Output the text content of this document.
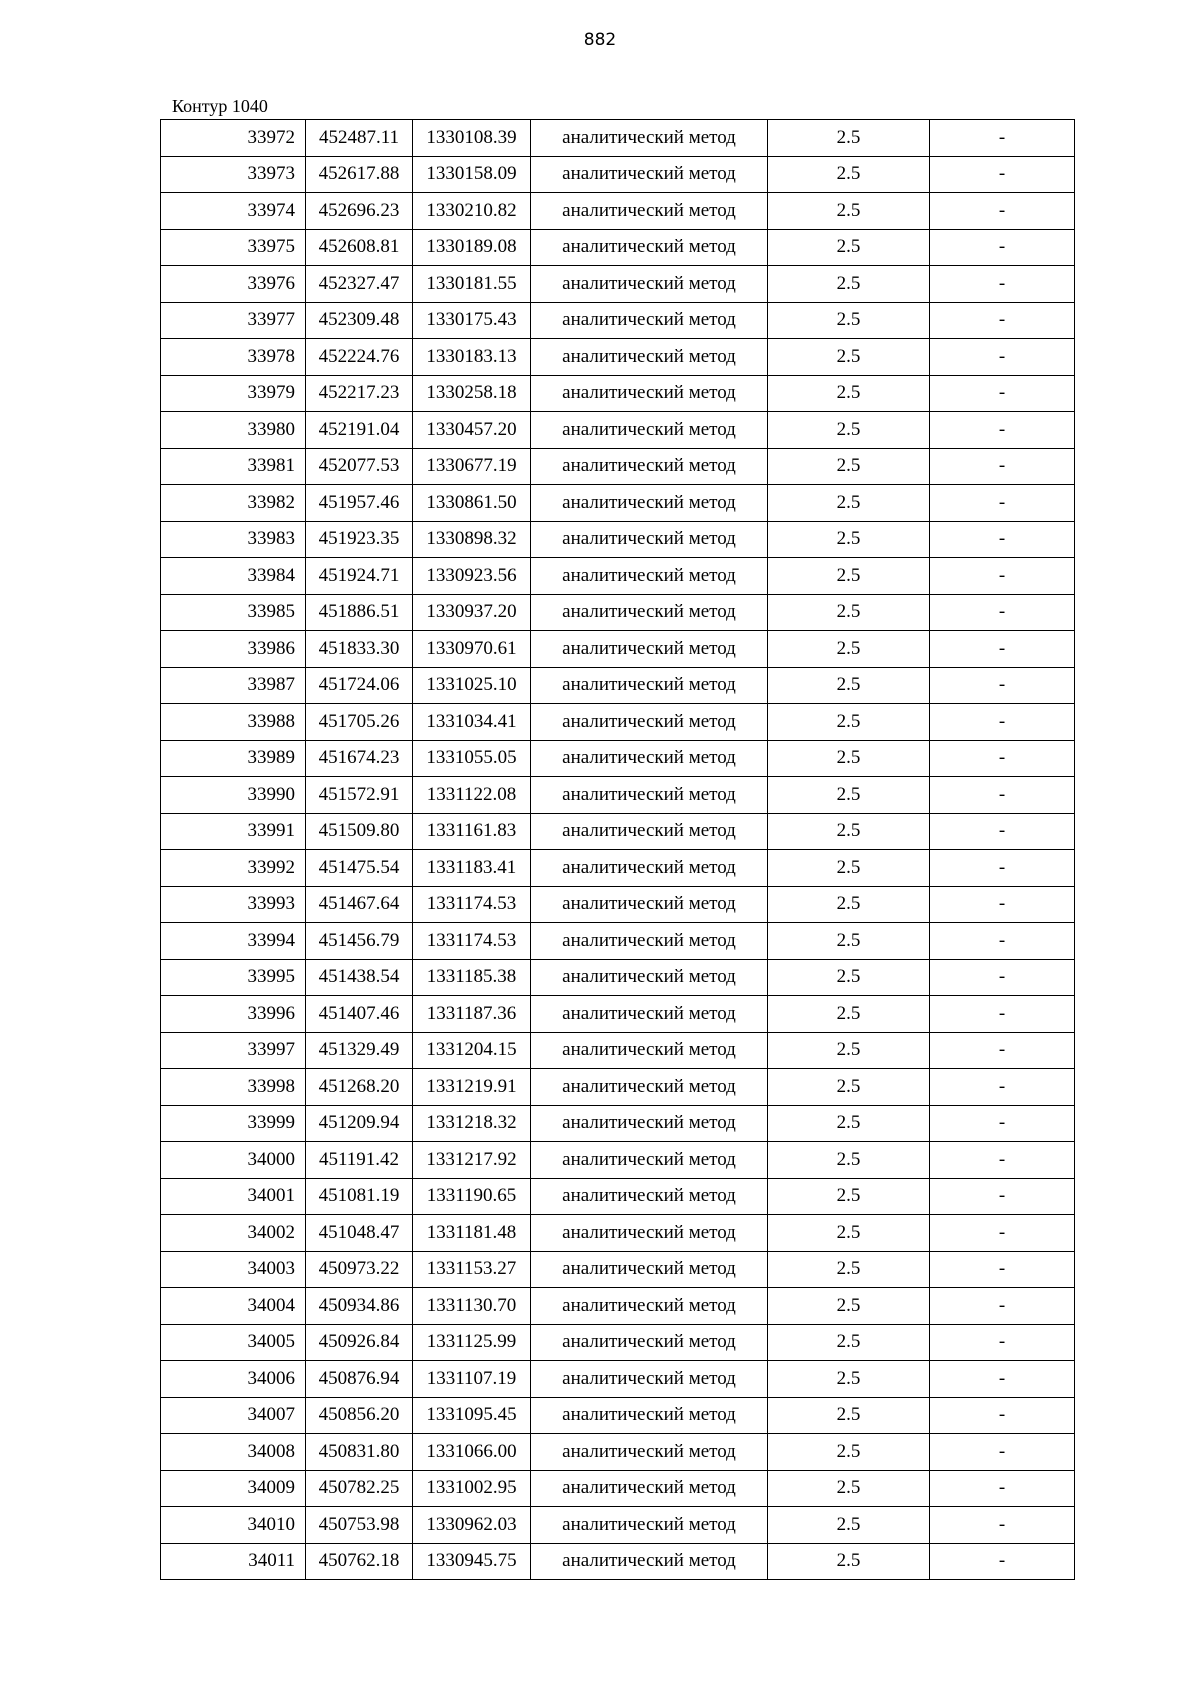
882
Контур 1040
33972	452487.11	1330108.39	аналитический метод	2.5	-
33973	452617.88	1330158.09	аналитический метод	2.5	-
33974	452696.23	1330210.82	аналитический метод	2.5	-
33975	452608.81	1330189.08	аналитический метод	2.5	-
33976	452327.47	1330181.55	аналитический метод	2.5	-
33977	452309.48	1330175.43	аналитический метод	2.5	-
33978	452224.76	1330183.13	аналитический метод	2.5	-
33979	452217.23	1330258.18	аналитический метод	2.5	-
33980	452191.04	1330457.20	аналитический метод	2.5	-
33981	452077.53	1330677.19	аналитический метод	2.5	-
33982	451957.46	1330861.50	аналитический метод	2.5	-
33983	451923.35	1330898.32	аналитический метод	2.5	-
33984	451924.71	1330923.56	аналитический метод	2.5	-
33985	451886.51	1330937.20	аналитический метод	2.5	-
33986	451833.30	1330970.61	аналитический метод	2.5	-
33987	451724.06	1331025.10	аналитический метод	2.5	-
33988	451705.26	1331034.41	аналитический метод	2.5	-
33989	451674.23	1331055.05	аналитический метод	2.5	-
33990	451572.91	1331122.08	аналитический метод	2.5	-
33991	451509.80	1331161.83	аналитический метод	2.5	-
33992	451475.54	1331183.41	аналитический метод	2.5	-
33993	451467.64	1331174.53	аналитический метод	2.5	-
33994	451456.79	1331174.53	аналитический метод	2.5	-
33995	451438.54	1331185.38	аналитический метод	2.5	-
33996	451407.46	1331187.36	аналитический метод	2.5	-
33997	451329.49	1331204.15	аналитический метод	2.5	-
33998	451268.20	1331219.91	аналитический метод	2.5	-
33999	451209.94	1331218.32	аналитический метод	2.5	-
34000	451191.42	1331217.92	аналитический метод	2.5	-
34001	451081.19	1331190.65	аналитический метод	2.5	-
34002	451048.47	1331181.48	аналитический метод	2.5	-
34003	450973.22	1331153.27	аналитический метод	2.5	-
34004	450934.86	1331130.70	аналитический метод	2.5	-
34005	450926.84	1331125.99	аналитический метод	2.5	-
34006	450876.94	1331107.19	аналитический метод	2.5	-
34007	450856.20	1331095.45	аналитический метод	2.5	-
34008	450831.80	1331066.00	аналитический метод	2.5	-
34009	450782.25	1331002.95	аналитический метод	2.5	-
34010	450753.98	1330962.03	аналитический метод	2.5	-
34011	450762.18	1330945.75	аналитический метод	2.5	-
